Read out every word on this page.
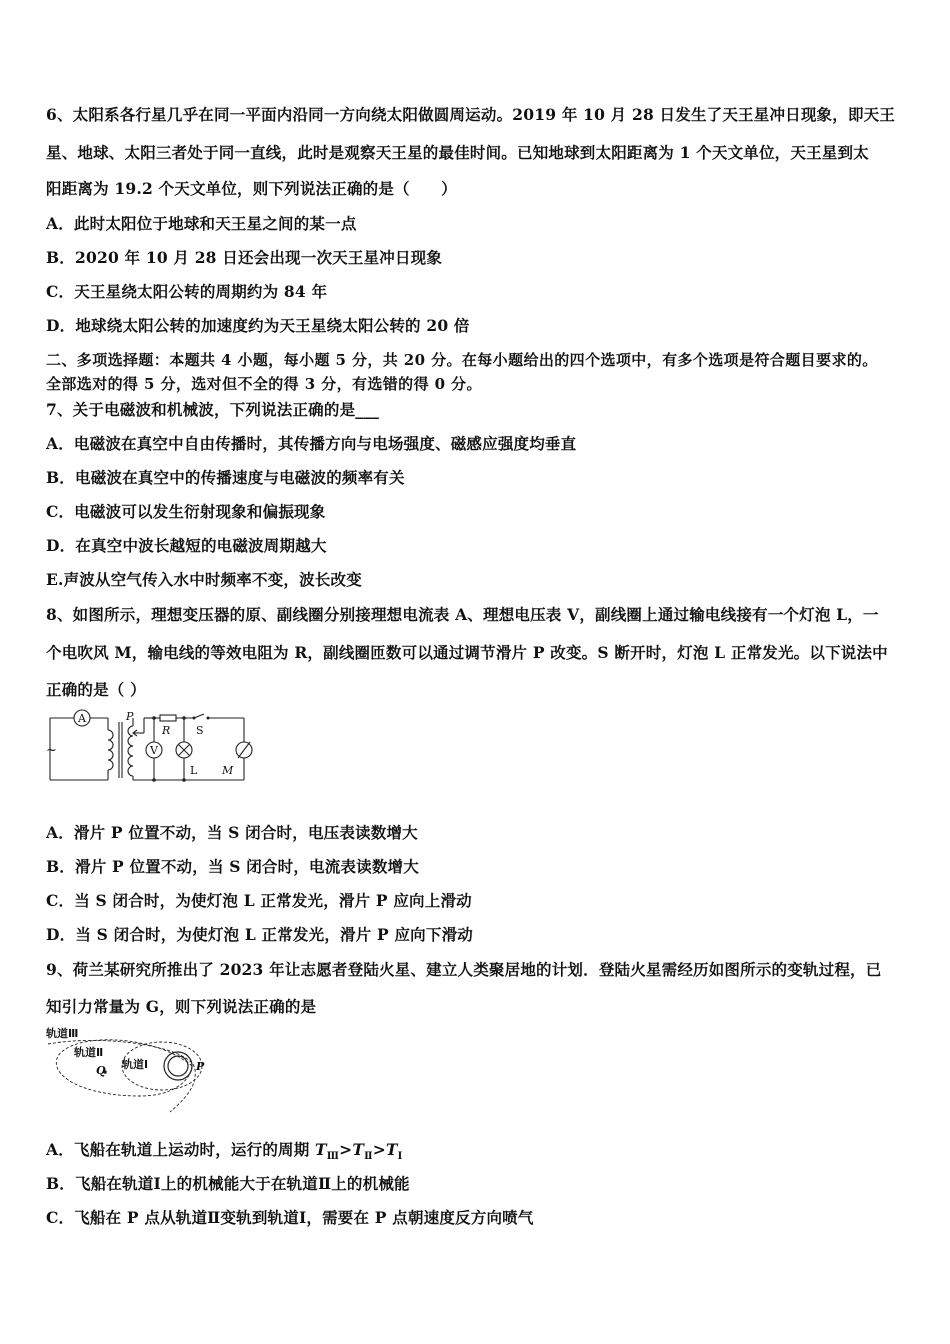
6、太阳系各行星几乎在同一平面内沿同一方向绕太阳做圆周运动。2019 年 10 月 28 日发生了天王星冲日现象，即天王
星、地球、太阳三者处于同一直线，此时是观察天王星的最佳时间。已知地球到太阳距离为 1 个天文单位，天王星到太
阳距离为 19.2 个天文单位，则下列说法正确的是（　　）
A．此时太阳位于地球和天王星之间的某一点
B．2020 年 10 月 28 日还会出现一次天王星冲日现象
C．天王星绕太阳公转的周期约为 84 年
D．地球绕太阳公转的加速度约为天王星绕太阳公转的 20 倍
二、多项选择题：本题共 4 小题，每小题 5 分，共 20 分。在每小题给出的四个选项中，有多个选项是符合题目要求的。
全部选对的得 5 分，选对但不全的得 3 分，有选错的得 0 分。
7、关于电磁波和机械波，下列说法正确的是___
A．电磁波在真空中自由传播时，其传播方向与电场强度、磁感应强度均垂直
B．电磁波在真空中的传播速度与电磁波的频率有关
C．电磁波可以发生衍射现象和偏振现象
D．在真空中波长越短的电磁波周期越大
E.声波从空气传入水中时频率不变，波长改变
8、如图所示，理想变压器的原、副线圈分别接理想电流表 A、理想电压表 V，副线圈上通过输电线接有一个灯泡 L，一
个电吹风 M，输电线的等效电阻为 R，副线圈匝数可以通过调节滑片 P 改变。S 断开时，灯泡 L 正常发光。以下说法中
正确的是（ ）
A
V
~
P
R S
L M
A．滑片 P 位置不动，当 S 闭合时，电压表读数增大
B．滑片 P 位置不动，当 S 闭合时，电流表读数增大
C．当 S 闭合时，为使灯泡 L 正常发光，滑片 P 应向上滑动
D．当 S 闭合时，为使灯泡 L 正常发光，滑片 P 应向下滑动
9、荷兰某研究所推出了 2023 年让志愿者登陆火星、建立人类聚居地的计划．登陆火星需经历如图所示的变轨过程，已
知引力常量为 G，则下列说法正确的是
轨道Ⅲ
轨道Ⅱ
轨道Ⅰ
Q	P
A．飞船在轨道上运动时，运行的周期 $T_Ⅲ>T_Ⅱ>T_Ⅰ$
B．飞船在轨道Ⅰ上的机械能大于在轨道Ⅱ上的机械能
C．飞船在 P 点从轨道Ⅱ变轨到轨道Ⅰ，需要在 P 点朝速度反方向喷气
